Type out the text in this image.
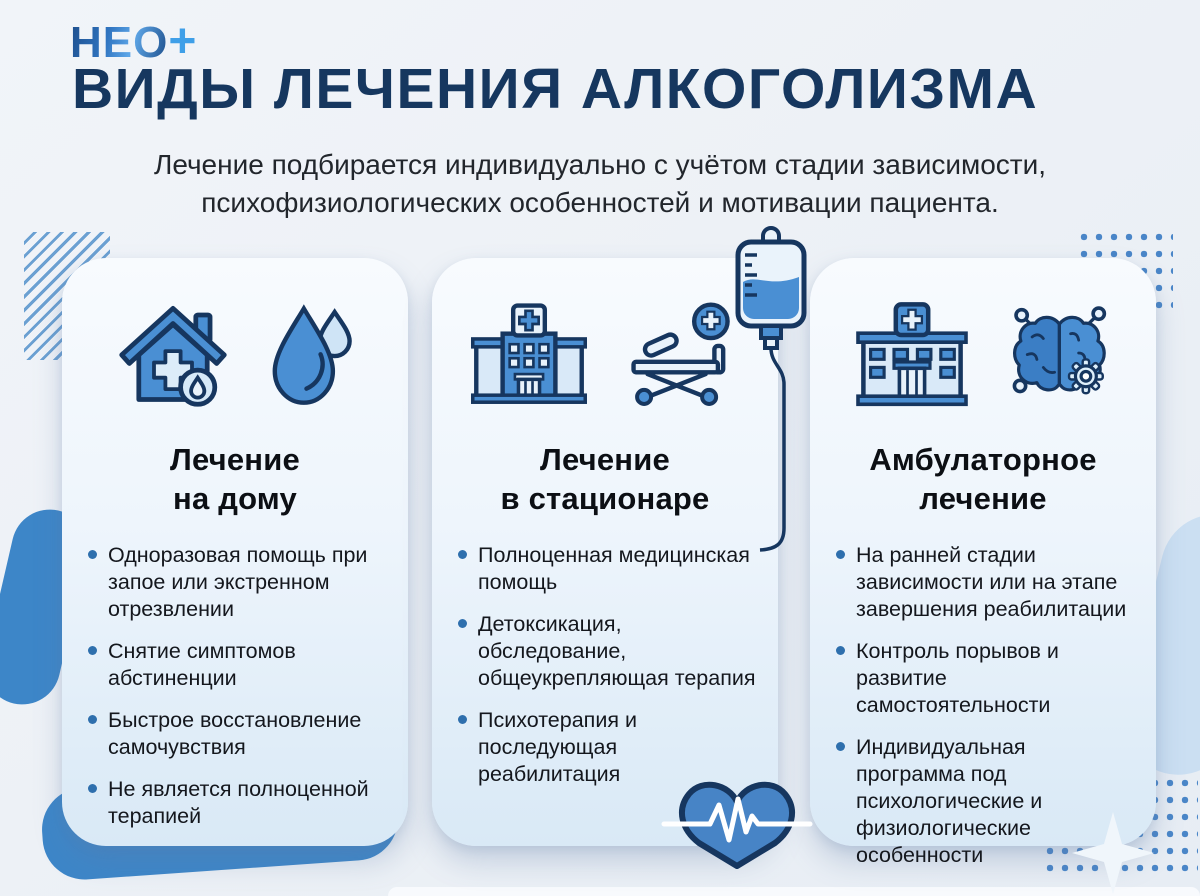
НЕО+
ВИДЫ ЛЕЧЕНИЯ АЛКОГОЛИЗМА
Лечение подбирается индивидуально с учётом стадии зависимости,
психофизиологических особенностей и мотивации пациента.
Лечение
на дому
Одноразовая помощь при запое или экстренном отрезвлении
Снятие симптомов абстиненции
Быстрое восстановление самочувствия
Не является полноценной терапией
Лечение
в стационаре
Полноценная медицинская помощь
Детоксикация, обследование, общеукрепляющая терапия
Психотерапия и последующая реабилитация
Амбулаторное
лечение
На ранней стадии зависимости или на этапе завершения реабилитации
Контроль порывов и развитие самостоятельности
Индивидуальная программа под психологические и физиологические особенности
